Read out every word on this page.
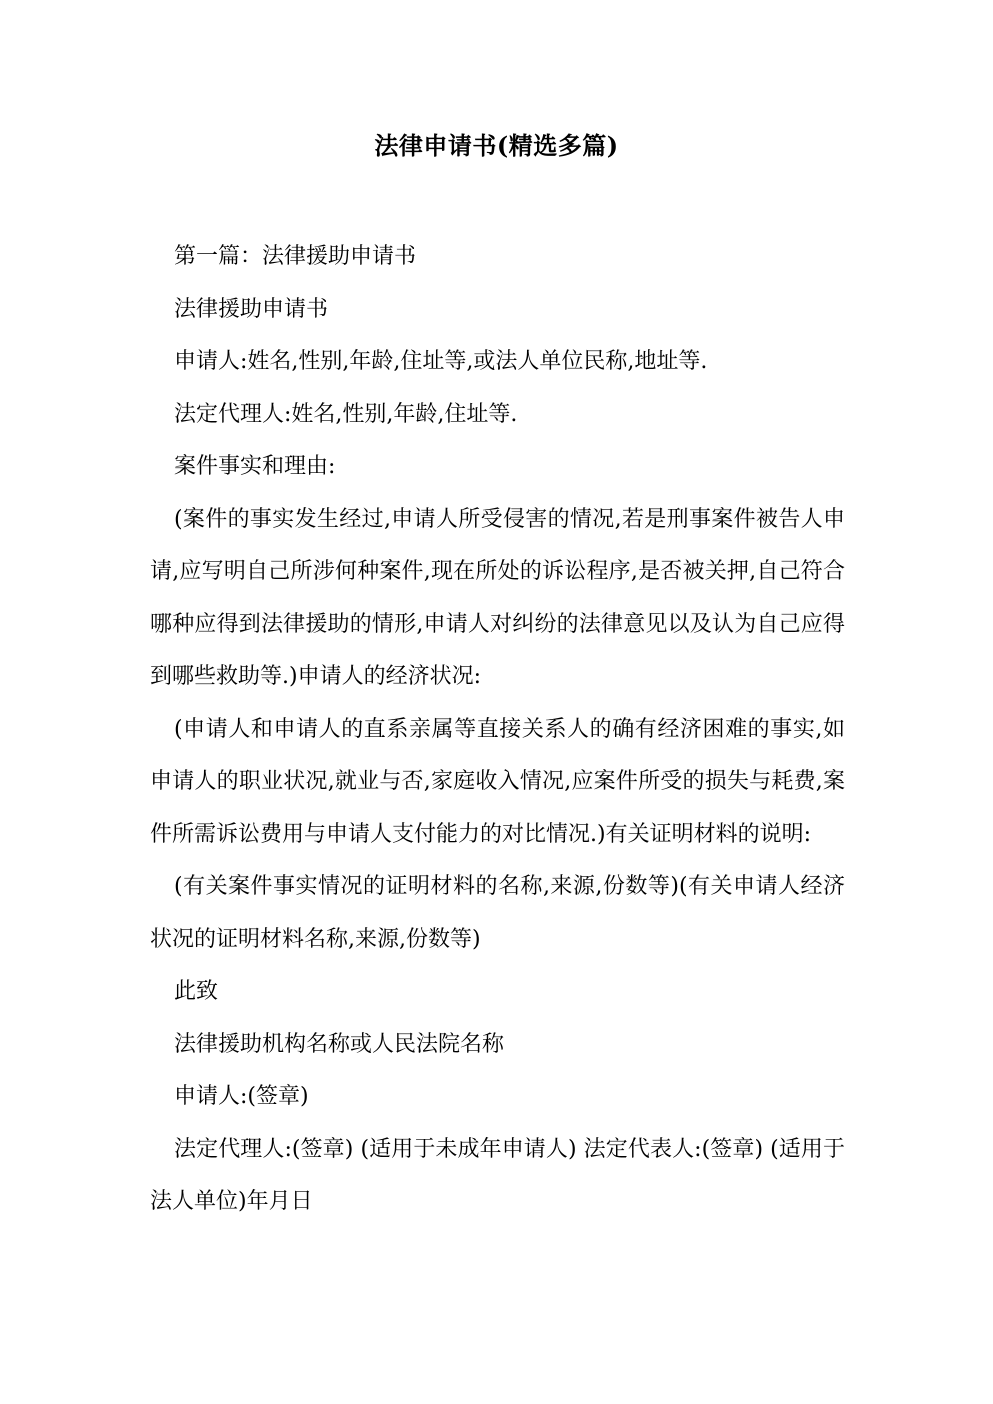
法律申请书(精选多篇)

第一篇：法律援助申请书

法律援助申请书

申请人:姓名,性别,年龄,住址等,或法人单位民称,地址等.

法定代理人:姓名,性别,年龄,住址等.

案件事实和理由:

(案件的事实发生经过,申请人所受侵害的情况,若是刑事案件被告人申请,应写明自己所涉何种案件,现在所处的诉讼程序,是否被关押,自己符合哪种应得到法律援助的情形,申请人对纠纷的法律意见以及认为自己应得到哪些救助等.)申请人的经济状况:

(申请人和申请人的直系亲属等直接关系人的确有经济困难的事实,如申请人的职业状况,就业与否,家庭收入情况,应案件所受的损失与耗费,案件所需诉讼费用与申请人支付能力的对比情况.)有关证明材料的说明:

(有关案件事实情况的证明材料的名称,来源,份数等)(有关申请人经济状况的证明材料名称,来源,份数等)

此致

法律援助机构名称或人民法院名称

申请人:(签章)

法定代理人:(签章) (适用于未成年申请人) 法定代表人:(签章) (适用于法人单位)年月日
